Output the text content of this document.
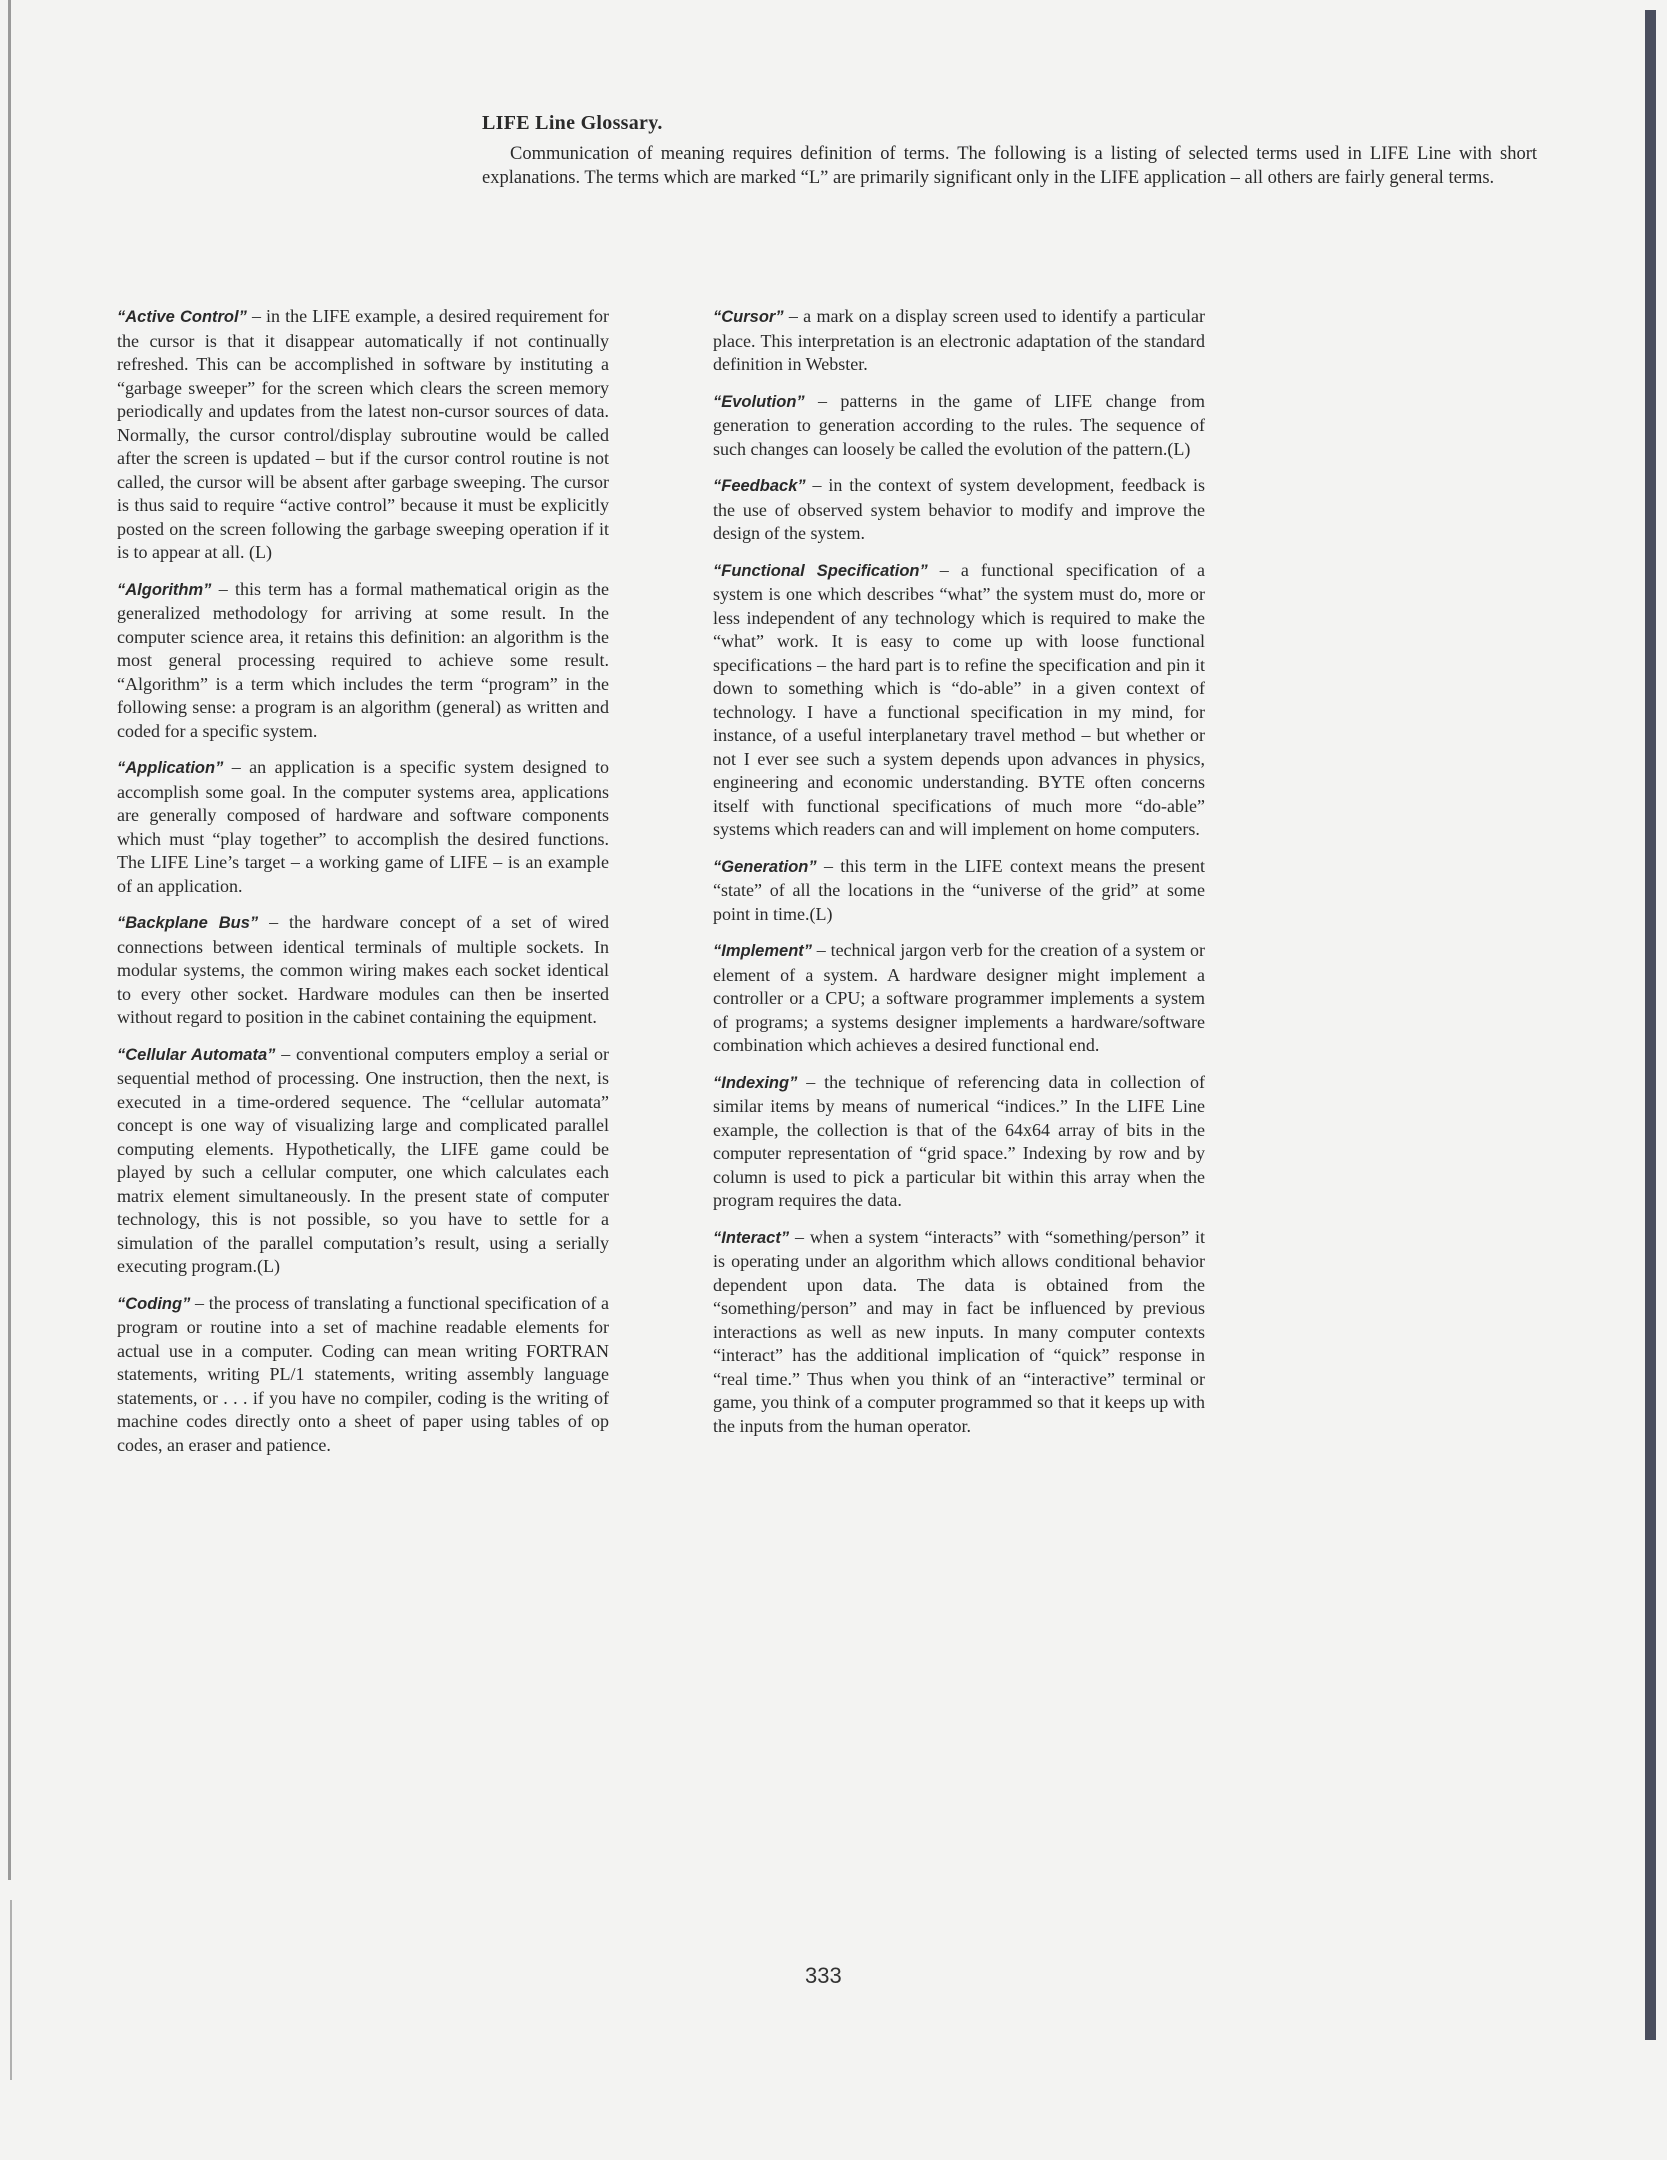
LIFE Line Glossary.

Communication of meaning requires definition of terms. The following is a listing of selected terms used in LIFE Line with short explanations. The terms which are marked “L” are primarily significant only in the LIFE application – all others are fairly general terms.

“Active Control” – in the LIFE example, a desired requirement for the cursor is that it disappear automatically if not continually refreshed. This can be accomplished in software by instituting a “garbage sweeper” for the screen which clears the screen memory periodically and updates from the latest non-cursor sources of data. Normally, the cursor control/display subroutine would be called after the screen is updated – but if the cursor control routine is not called, the cursor will be absent after garbage sweeping. The cursor is thus said to require “active control” because it must be explicitly posted on the screen following the garbage sweeping operation if it is to appear at all. (L)

“Algorithm” – this term has a formal mathematical origin as the generalized methodology for arriving at some result. In the computer science area, it retains this definition: an algorithm is the most general processing required to achieve some result. “Algorithm” is a term which includes the term “program” in the following sense: a program is an algorithm (general) as written and coded for a specific system.

“Application” – an application is a specific system designed to accomplish some goal. In the computer systems area, applications are generally composed of hardware and software components which must “play together” to accomplish the desired functions. The LIFE Line’s target – a working game of LIFE – is an example of an application.

“Backplane Bus” – the hardware concept of a set of wired connections between identical terminals of multiple sockets. In modular systems, the common wiring makes each socket identical to every other socket. Hardware modules can then be inserted without regard to position in the cabinet containing the equipment.

“Cellular Automata” – conventional computers employ a serial or sequential method of processing. One instruction, then the next, is executed in a time-ordered sequence. The “cellular automata” concept is one way of visualizing large and complicated parallel computing elements. Hypothetically, the LIFE game could be played by such a cellular computer, one which calculates each matrix element simultaneously. In the present state of computer technology, this is not possible, so you have to settle for a simulation of the parallel computation’s result, using a serially executing program.(L)

“Coding” – the process of translating a functional specification of a program or routine into a set of machine readable elements for actual use in a computer. Coding can mean writing FORTRAN statements, writing PL/1 statements, writing assembly language statements, or . . . if you have no compiler, coding is the writing of machine codes directly onto a sheet of paper using tables of op codes, an eraser and patience.

“Cursor” – a mark on a display screen used to identify a particular place. This interpretation is an electronic adaptation of the standard definition in Webster.

“Evolution” – patterns in the game of LIFE change from generation to generation according to the rules. The sequence of such changes can loosely be called the evolution of the pattern.(L)

“Feedback” – in the context of system development, feedback is the use of observed system behavior to modify and improve the design of the system.

“Functional Specification” – a functional specification of a system is one which describes “what” the system must do, more or less independent of any technology which is required to make the “what” work. It is easy to come up with loose functional specifications – the hard part is to refine the specification and pin it down to something which is “do-able” in a given context of technology. I have a functional specification in my mind, for instance, of a useful interplanetary travel method – but whether or not I ever see such a system depends upon advances in physics, engineering and economic understanding. BYTE often concerns itself with functional specifications of much more “do-able” systems which readers can and will implement on home computers.

“Generation” – this term in the LIFE context means the present “state” of all the locations in the “universe of the grid” at some point in time.(L)

“Implement” – technical jargon verb for the creation of a system or element of a system. A hardware designer might implement a controller or a CPU; a software programmer implements a system of programs; a systems designer implements a hardware/software combination which achieves a desired functional end.

“Indexing” – the technique of referencing data in collection of similar items by means of numerical “indices.” In the LIFE Line example, the collection is that of the 64x64 array of bits in the computer representation of “grid space.” Indexing by row and by column is used to pick a particular bit within this array when the program requires the data.

“Interact” – when a system “interacts” with “something/person” it is operating under an algorithm which allows conditional behavior dependent upon data. The data is obtained from the “something/person” and may in fact be influenced by previous interactions as well as new inputs. In many computer contexts “interact” has the additional implication of “quick” response in “real time.” Thus when you think of an “interactive” terminal or game, you think of a computer programmed so that it keeps up with the inputs from the human operator.

333
